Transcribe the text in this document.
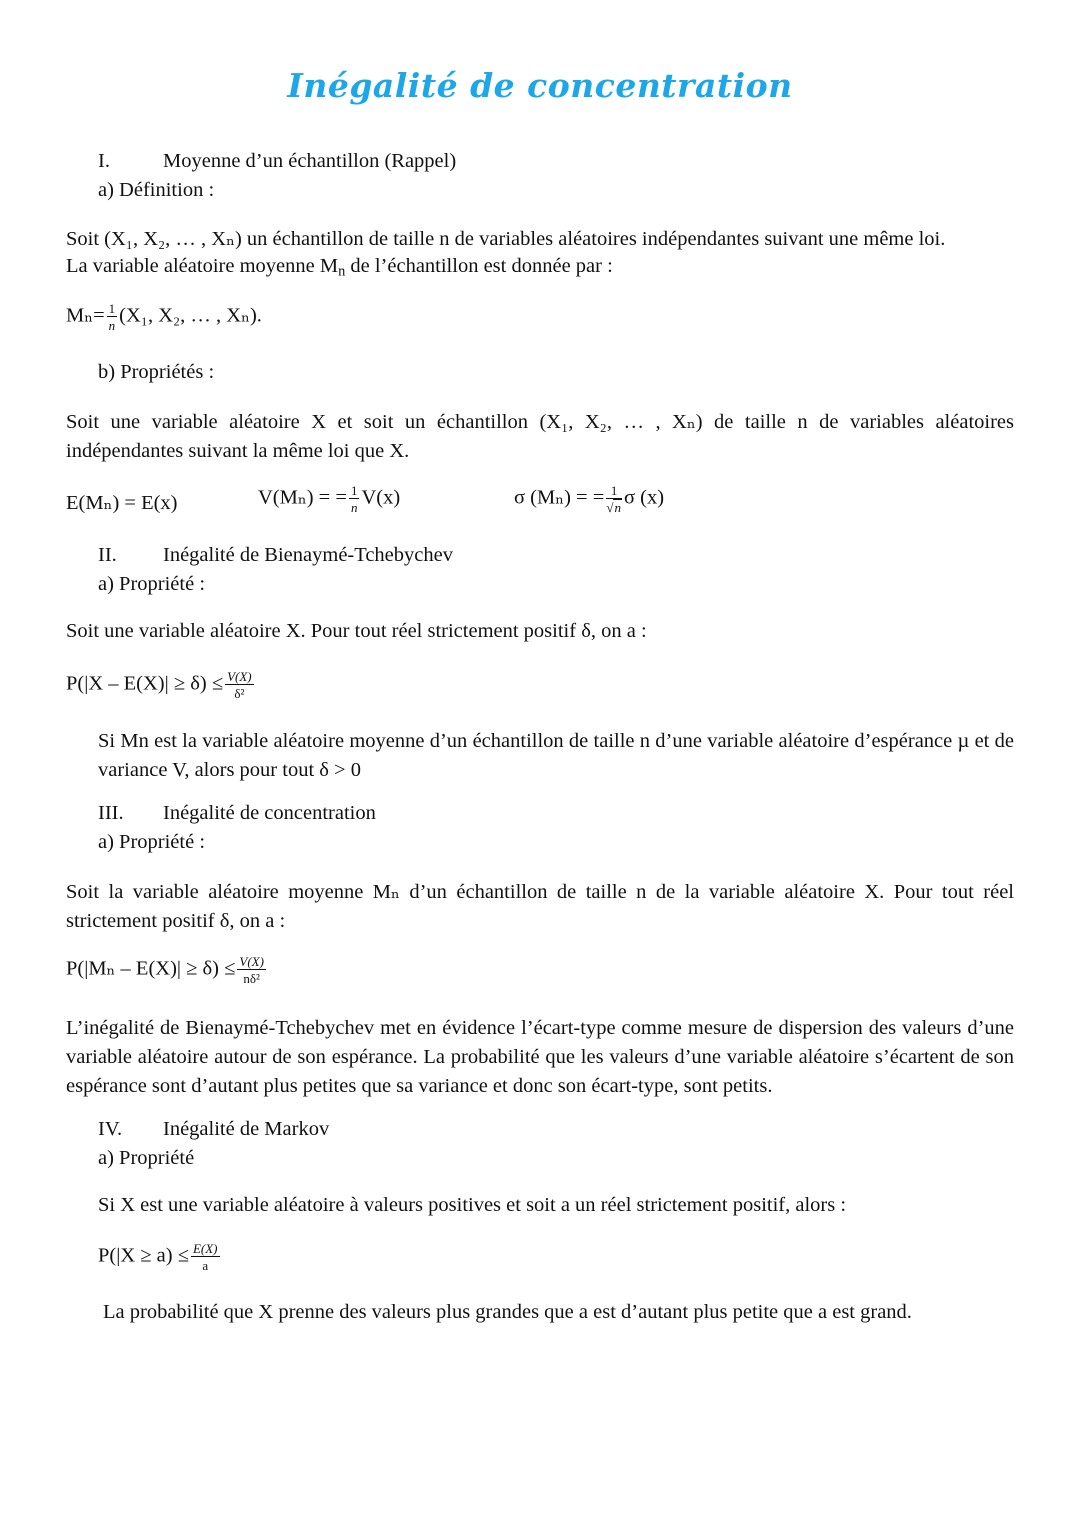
Inégalité de concentration
I.	Moyenne d’un échantillon (Rappel)
a) Définition :
Soit (X₁, X₂, … , Xₙ) un échantillon de taille n de variables aléatoires indépendantes suivant une même loi.
La variable aléatoire moyenne $M_n$ de l’échantillon est donnée par :
$M_n= \frac{1}{n} (X_1$, X₂, … , Xₙ).
b) Propriétés :
Soit une variable aléatoire X et soit un échantillon (X₁, X₂, … , Xₙ) de taille n de variables aléatoires indépendantes suivant la même loi que X.
E(Mₙ) = E(x)	V(Mₙ) = = $\frac{1}{n} V(x)$	σ (Mₙ) = = $\frac{1}{√n}$ σ (x)
II. Inégalité de Bienaymé-Tchebychev
a) Propriété :
Soit une variable aléatoire X. Pour tout réel strictement positif δ, on a :
$P(|X - E(X)| \ge \delta) \le \frac{V(X)}{\text{δ²}}$
Si Mn est la variable aléatoire moyenne d’un échantillon de taille n d’une variable aléatoire d’espérance µ et de variance V, alors pour tout δ > 0
III. Inégalité de concentration
a) Propriété :
Soit la variable aléatoire moyenne Mₙ d’un échantillon de taille n de la variable aléatoire X. Pour tout réel strictement positif δ, on a :
$P(|M_n - E(X)| \ge \delta) \le \frac{V(X)}{\text{nδ²}}$
L’inégalité de Bienaymé-Tchebychev met en évidence l’écart-type comme mesure de dispersion des valeurs d’une variable aléatoire autour de son espérance. La probabilité que les valeurs d’une variable aléatoire s’écartent de son espérance sont d’autant plus petites que sa variance et donc son écart-type, sont petits.
IV. Inégalité de Markov
a) Propriété
Si X est une variable aléatoire à valeurs positives et soit a un réel strictement positif, alors :
$P(|X \ge a) \le \frac{E(X)}{a}$
La probabilité que X prenne des valeurs plus grandes que a est d’autant plus petite que a est grand.
